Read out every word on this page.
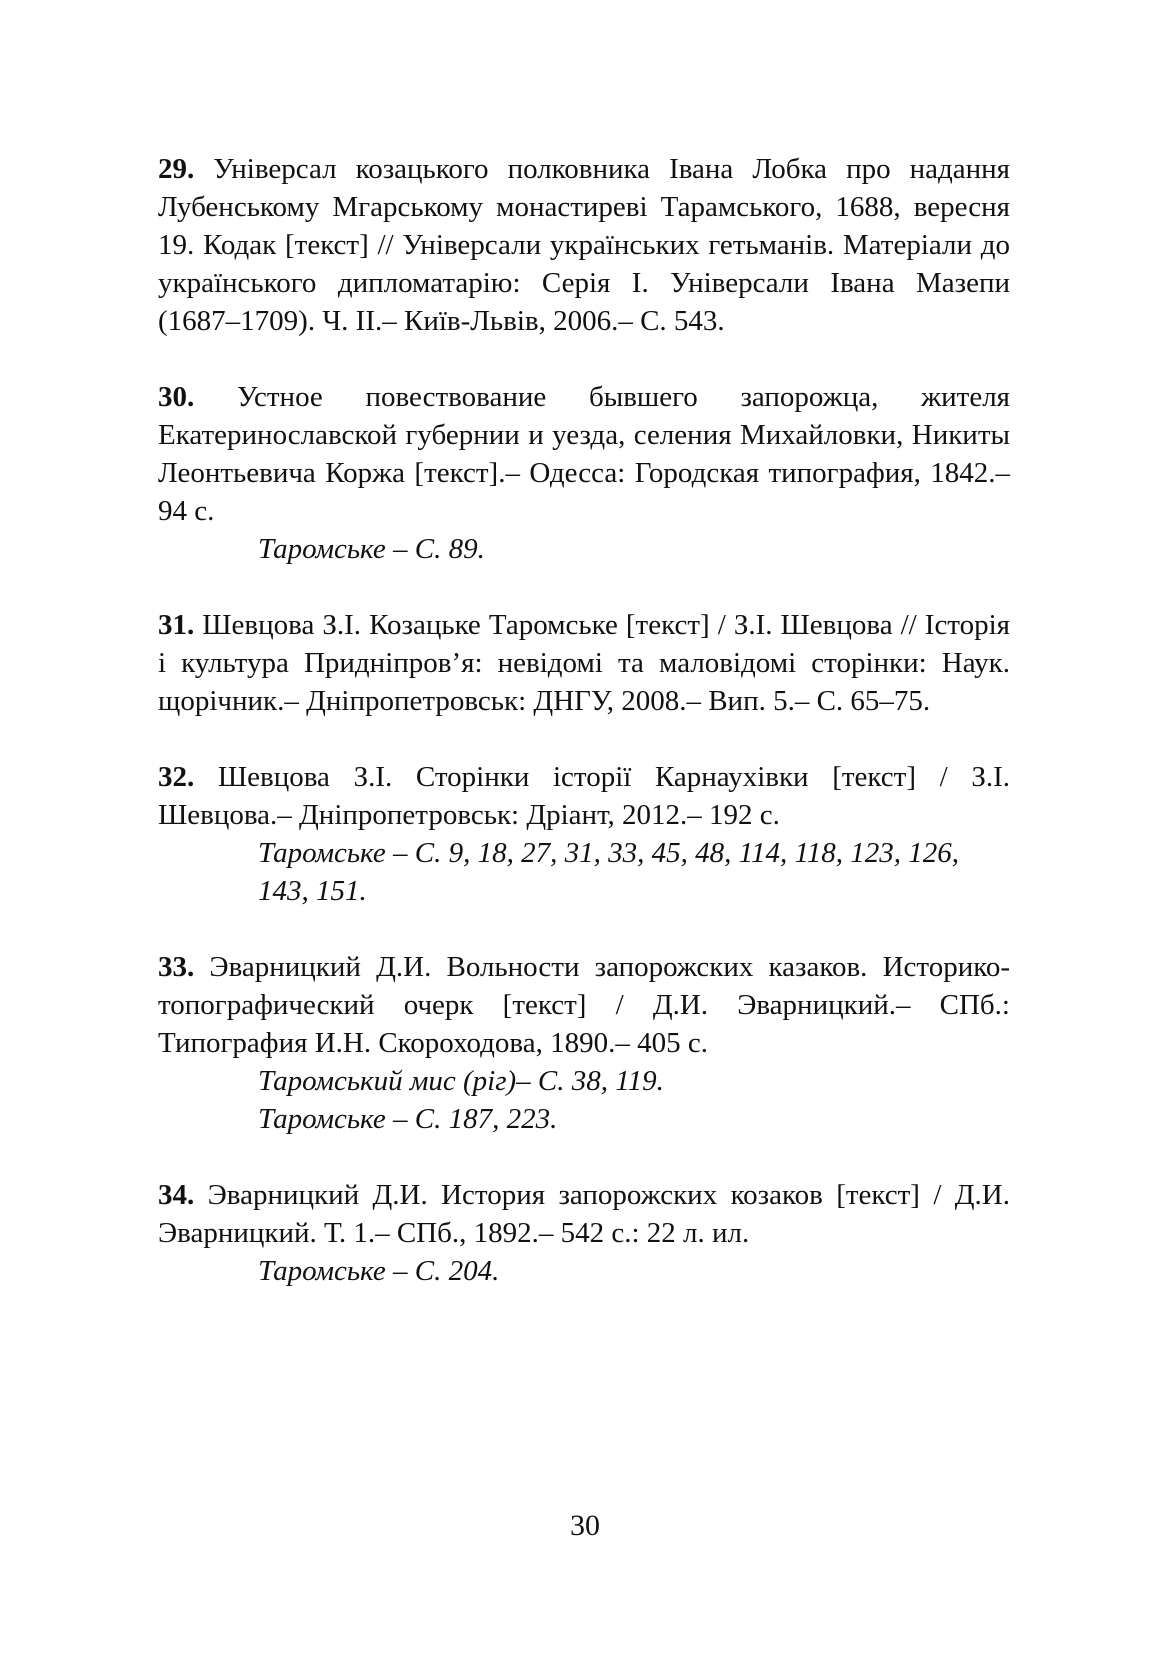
29. Універсал козацького полковника Івана Лобка про надання Лубенському Мгарському монастиреві Тарамського, 1688, вересня 19. Кодак [текст] // Універсали українських гетьманів. Матеріали до українського дипломатарію: Серія І. Універсали Івана Мазепи (1687–1709). Ч. ІІ.– Київ-Львів, 2006.– С. 543.

30. Устное повествование бывшего запорожца, жителя Екатеринославской губернии и уезда, селения Михайловки, Никиты Леонтьевича Коржа [текст].– Одесса: Городская типография, 1842.– 94 с.
Таромське – С. 89.

31. Шевцова З.І. Козацьке Таромське [текст] / З.І. Шевцова // Історія і культура Придніпров’я: невідомі та маловідомі сторінки: Наук. щорічник.– Дніпропетровськ: ДНГУ, 2008.– Вип. 5.– С. 65–75.

32. Шевцова З.І. Сторінки історії Карнаухівки [текст] / З.І. Шевцова.– Дніпропетровськ: Дріант, 2012.– 192 с.
Таромське – С. 9, 18, 27, 31, 33, 45, 48, 114, 118, 123, 126, 143, 151.

33. Эварницкий Д.И. Вольности запорожских казаков. Историко-топографический очерк [текст] / Д.И. Эварницкий.– СПб.: Типография И.Н. Скороходова, 1890.– 405 с.
Таромський мис (ріг)– С. 38, 119.
Таромське – С. 187, 223.

34. Эварницкий Д.И. История запорожских козаков [текст] / Д.И. Эварницкий. Т. 1.– СПб., 1892.– 542 с.: 22 л. ил.
Таромське – С. 204.

30
